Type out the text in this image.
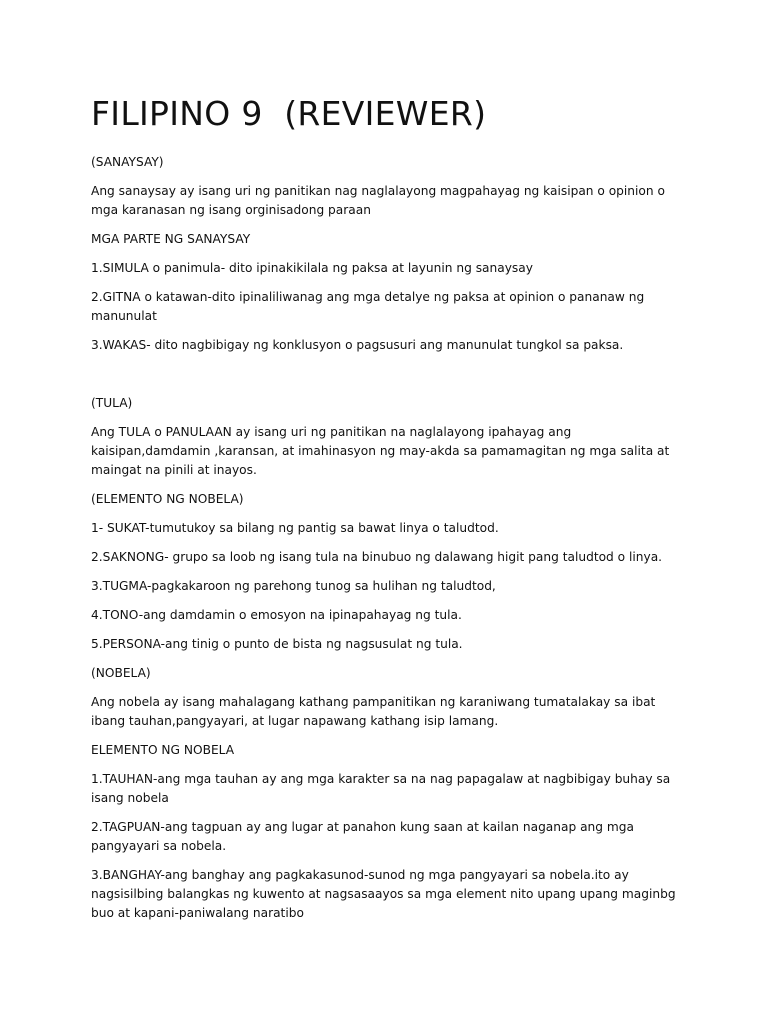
FILIPINO 9  (REVIEWER)

(SANAYSAY)

Ang sanaysay ay isang uri ng panitikan nag naglalayong magpahayag ng kaisipan o opinion o mga karanasan ng isang orginisadong paraan

MGA PARTE NG SANAYSAY

1.SIMULA o panimula- dito ipinakikilala ng paksa at layunin ng sanaysay

2.GITNA o katawan-dito ipinaliliwanag ang mga detalye ng paksa at opinion o pananaw ng manunulat

3.WAKAS- dito nagbibigay ng konklusyon o pagsusuri ang manunulat tungkol sa paksa.

(TULA)

Ang TULA o PANULAAN ay isang uri ng panitikan na naglalayong ipahayag ang kaisipan,damdamin ,karansan, at imahinasyon ng may-akda sa pamamagitan ng mga salita at maingat na pinili at inayos.

(ELEMENTO NG NOBELA)

1- SUKAT-tumutukoy sa bilang ng pantig sa bawat linya o taludtod.

2.SAKNONG- grupo sa loob ng isang tula na binubuo ng dalawang higit pang taludtod o linya.

3.TUGMA-pagkakaroon ng parehong tunog sa hulihan ng taludtod,

4.TONO-ang damdamin o emosyon na ipinapahayag ng tula.

5.PERSONA-ang tinig o punto de bista ng nagsusulat ng tula.

(NOBELA)

Ang nobela ay isang mahalagang kathang pampanitikan ng karaniwang tumatalakay sa ibat ibang tauhan,pangyayari, at lugar napawang kathang isip lamang.

ELEMENTO NG NOBELA

1.TAUHAN-ang mga tauhan ay ang mga karakter sa na nag papagalaw at nagbibigay buhay sa isang nobela

2.TAGPUAN-ang tagpuan ay ang lugar at panahon kung saan at kailan naganap ang mga pangyayari sa nobela.

3.BANGHAY-ang banghay ang pagkakasunod-sunod ng mga pangyayari sa nobela.ito ay nagsisilbing balangkas ng kuwento at nagsasaayos sa mga element nito upang upang maginbg buo at kapani-paniwalang naratibo
